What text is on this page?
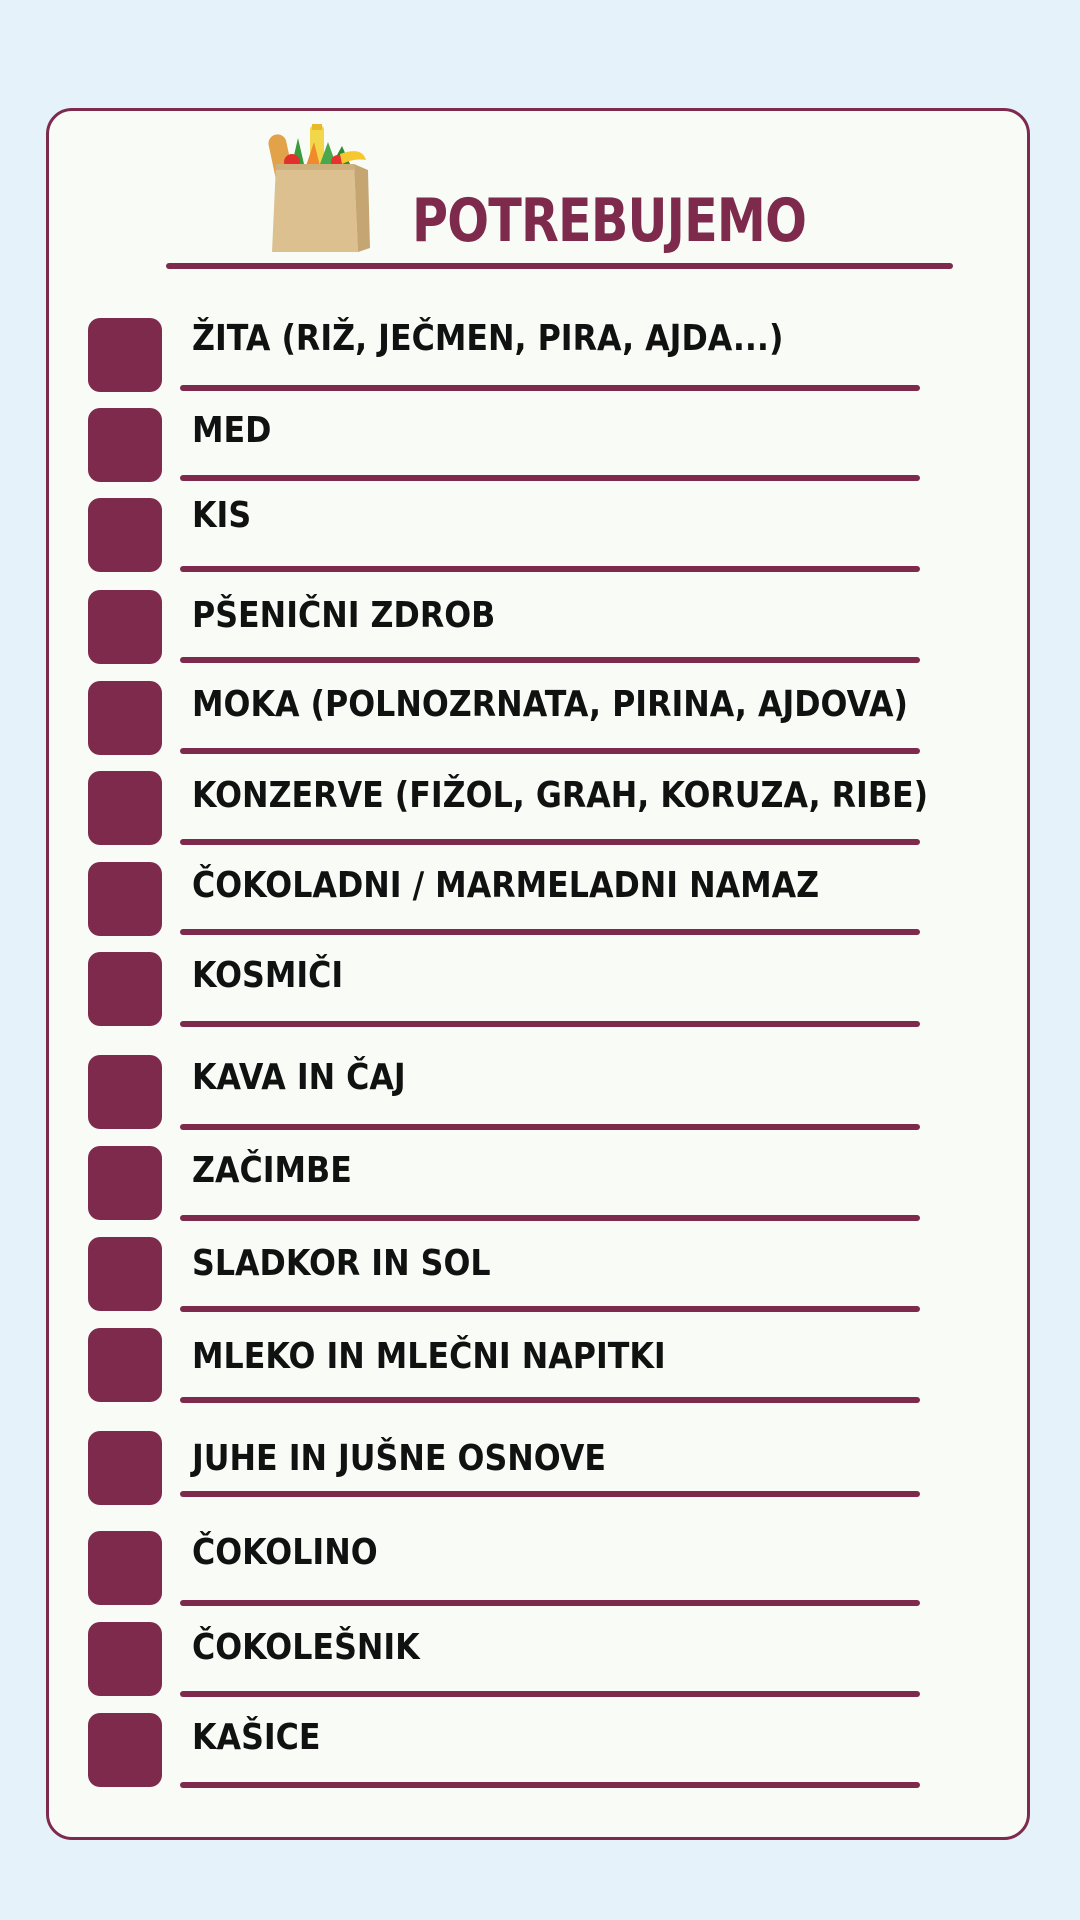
POTREBUJEMO
ŽITA (RIŽ, JEČMEN, PIRA, AJDA...)
MED
KIS
PŠENIČNI ZDROB
MOKA (POLNOZRNATA, PIRINA, AJDOVA)
KONZERVE (FIŽOL, GRAH, KORUZA, RIBE)
ČOKOLADNI / MARMELADNI NAMAZ
KOSMIČI
KAVA IN ČAJ
ZAČIMBE
SLADKOR IN SOL
MLEKO IN MLEČNI NAPITKI
JUHE IN JUŠNE OSNOVE
ČOKOLINO
ČOKOLEŠNIK
KAŠICE
